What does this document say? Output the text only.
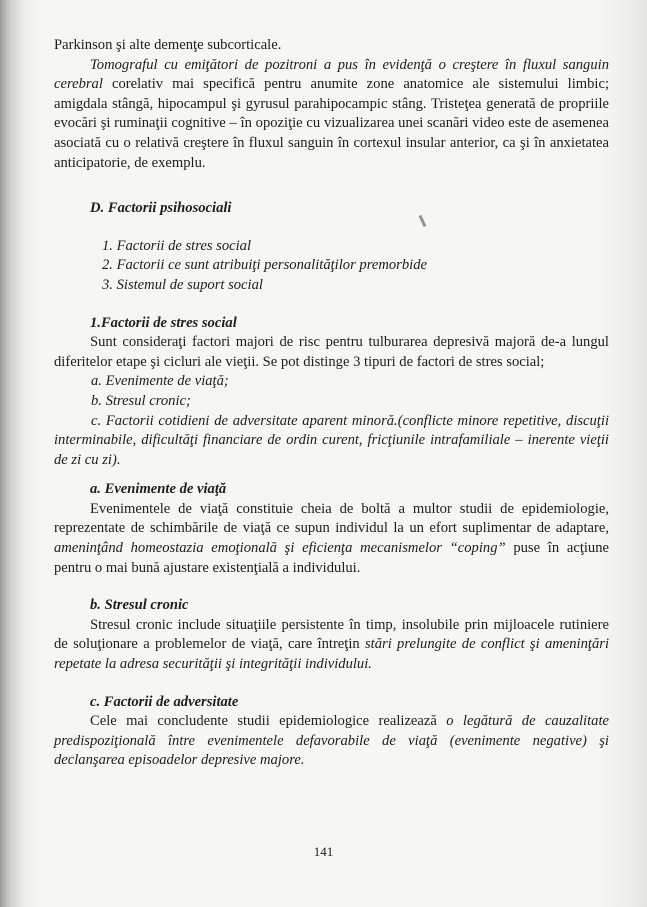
Parkinson şi alte demenţe subcorticale.

Tomograful cu emiţători de pozitroni a pus în evidenţă o creştere în fluxul sanguin cerebral corelativ mai specifică pentru anumite zone anatomice ale sistemului limbic; amigdala stângă, hipocampul şi gyrusul parahipocampic stâng. Tristeţea generată de propriile evocări şi ruminaţii cognitive – în opoziţie cu vizualizarea unei scanări video este de asemenea asociată cu o relativă creştere în fluxul sanguin în cortexul insular anterior, ca şi în anxietatea anticipatorie, de exemplu.

D. Factorii psihosociali

1. Factorii de stres social
2. Factorii ce sunt atribuiţi personalităţilor premorbide
3. Sistemul de suport social

1.Factorii de stres social

Sunt consideraţi factori majori de risc pentru tulburarea depresivă majoră de-a lungul diferitelor etape şi cicluri ale vieţii. Se pot distinge 3 tipuri de factori de stres social;

a. Evenimente de viaţă;

b. Stresul cronic;

c. Factorii cotidieni de adversitate aparent minoră.(conflicte minore repetitive, discuţii interminabile, dificultăţi financiare de ordin curent, fricţiunile intrafamiliale – inerente vieţii de zi cu zi).

a. Evenimente de viaţă

Evenimentele de viaţă constituie cheia de boltă a multor studii de epidemiologie, reprezentate de schimbările de viaţă ce supun individul la un efort suplimentar de adaptare, ameninţând homeostazia emoţională şi eficienţa mecanismelor “coping” puse în acţiune pentru o mai bună ajustare existenţială a individului.

b. Stresul cronic

Stresul cronic include situaţiile persistente în timp, insolubile prin mijloacele rutiniere de soluţionare a problemelor de viaţă, care întreţin stări prelungite de conflict şi ameninţări repetate la adresa securităţii şi integrităţii individului.

c. Factorii de adversitate

Cele mai concludente studii epidemiologice realizează o legătură de cauzalitate predispoziţională între evenimentele defavorabile de viaţă (evenimente negative) şi declanşarea episoadelor depresive majore.

141
